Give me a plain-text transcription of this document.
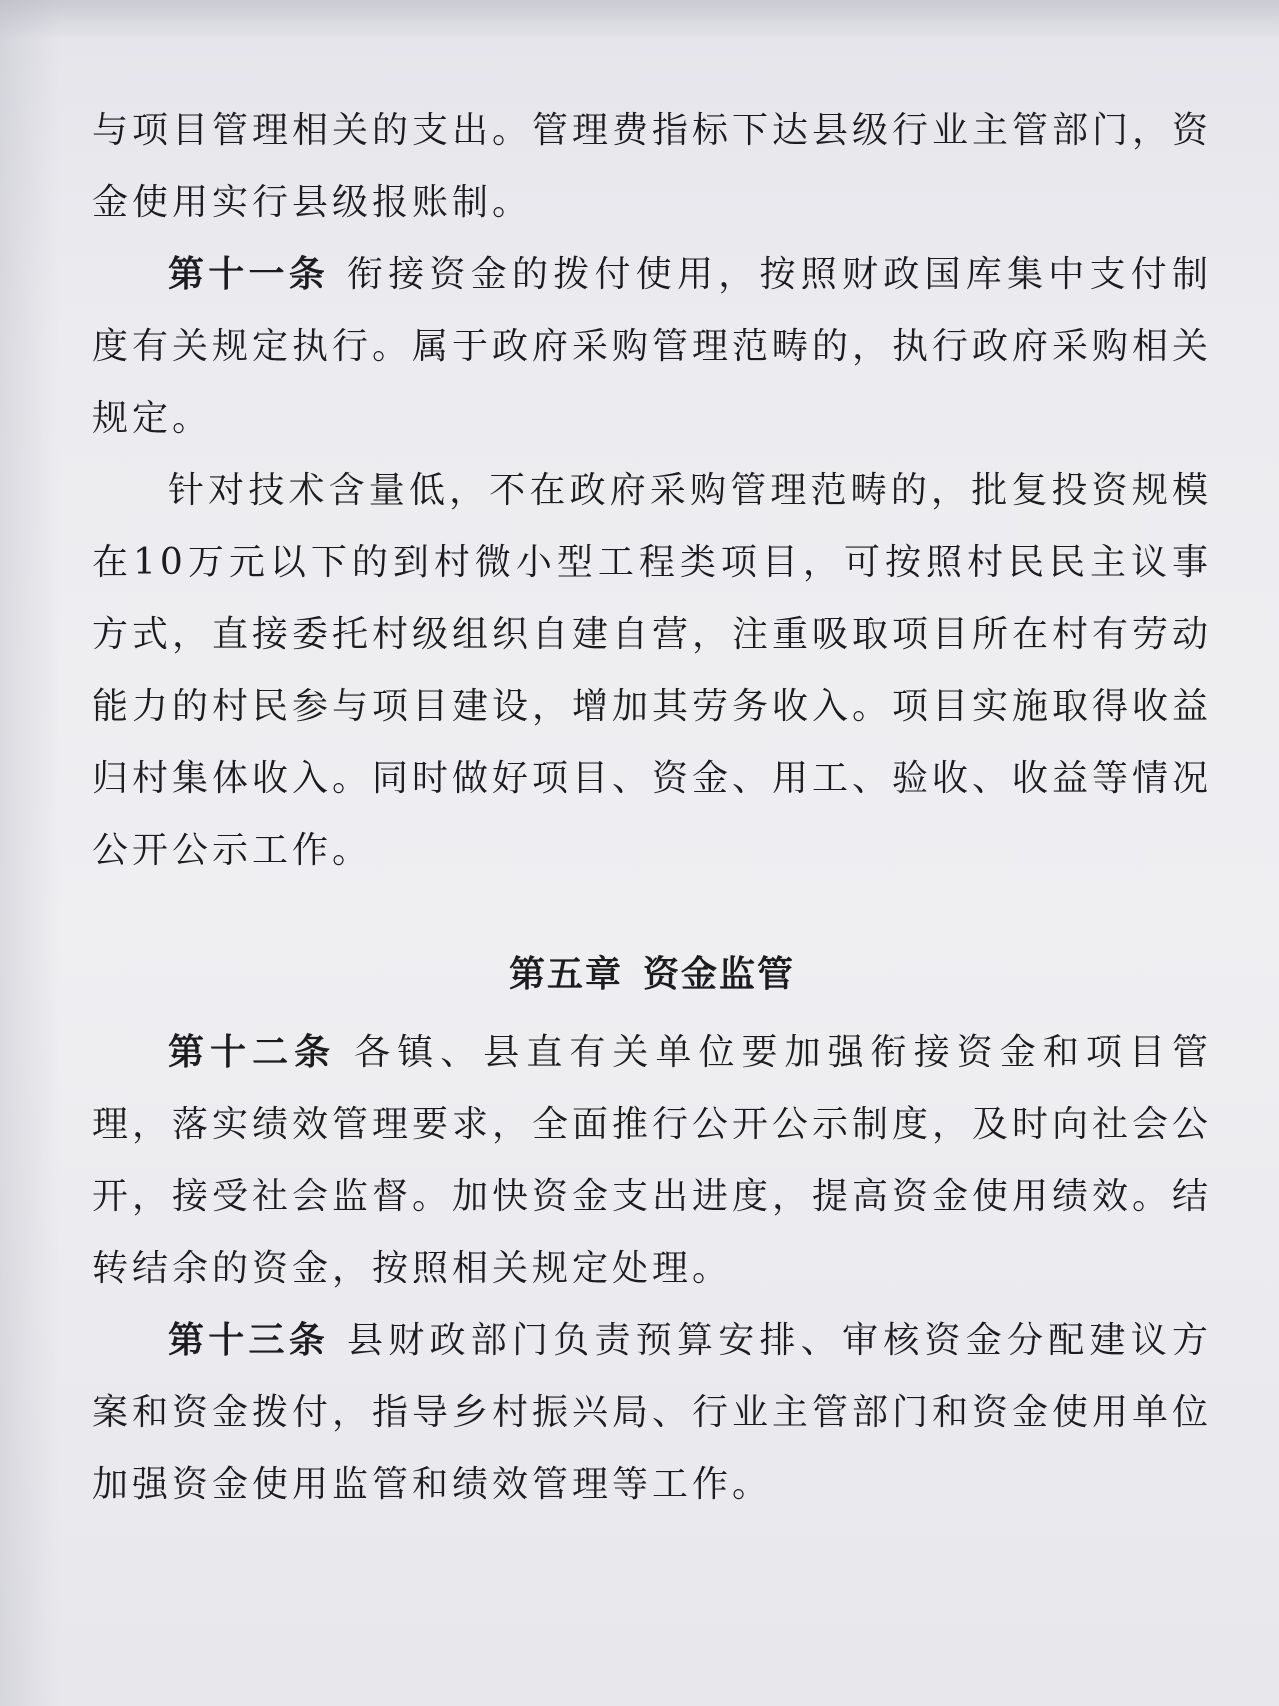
与项目管理相关的支出。管理费指标下达县级行业主管部门，资金使用实行县级报账制。

第十一条 衔接资金的拨付使用，按照财政国库集中支付制度有关规定执行。属于政府采购管理范畴的，执行政府采购相关规定。

针对技术含量低，不在政府采购管理范畴的，批复投资规模在10万元以下的到村微小型工程类项目，可按照村民民主议事方式，直接委托村级组织自建自营，注重吸取项目所在村有劳动能力的村民参与项目建设，增加其劳务收入。项目实施取得收益归村集体收入。同时做好项目、资金、用工、验收、收益等情况公开公示工作。

第五章 资金监管

第十二条 各镇、县直有关单位要加强衔接资金和项目管理，落实绩效管理要求，全面推行公开公示制度，及时向社会公开，接受社会监督。加快资金支出进度，提高资金使用绩效。结转结余的资金，按照相关规定处理。

第十三条 县财政部门负责预算安排、审核资金分配建议方案和资金拨付，指导乡村振兴局、行业主管部门和资金使用单位加强资金使用监管和绩效管理等工作。
